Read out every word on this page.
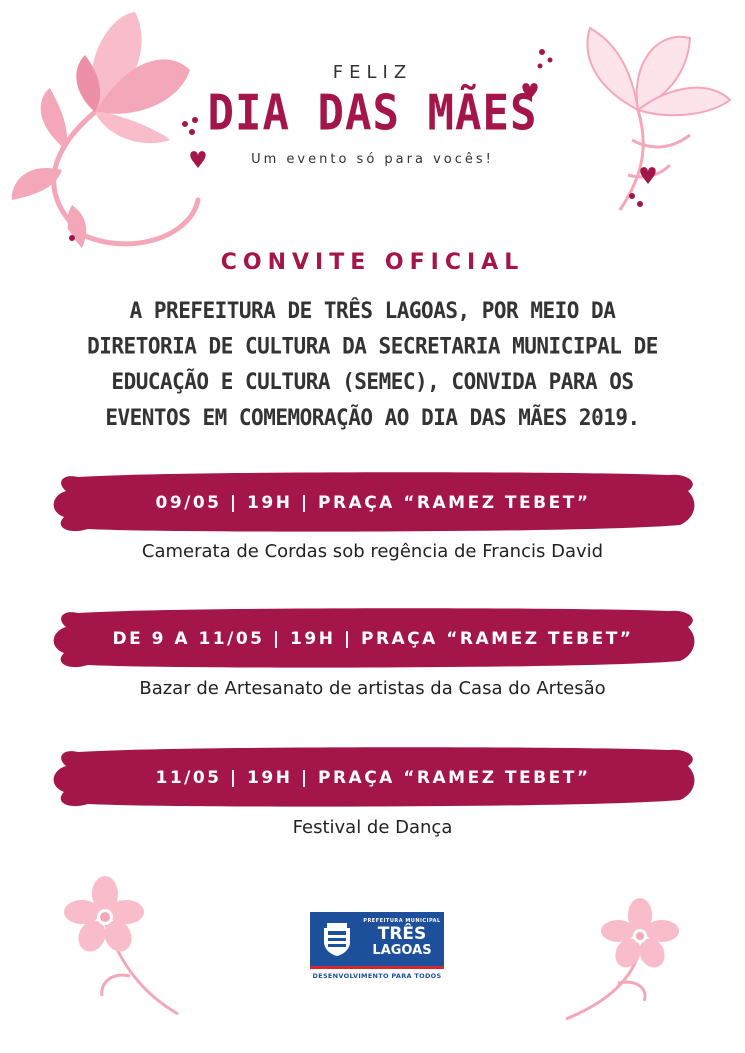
FELIZ
DIA DAS MÃES
Um evento só para vocês!
CONVITE OFICIAL
A PREFEITURA DE TRÊS LAGOAS, POR MEIO DA DIRETORIA DE CULTURA DA SECRETARIA MUNICIPAL DE EDUCAÇÃO E CULTURA (SEMEC), CONVIDA PARA OS EVENTOS EM COMEMORAÇÃO AO DIA DAS MÃES 2019.
09/05 | 19H | PRAÇA “RAMEZ TEBET”
Camerata de Cordas sob regência de Francis David
DE 9 A 11/05 | 19H | PRAÇA “RAMEZ TEBET”
Bazar de Artesanato de artistas da Casa do Artesão
11/05 | 19H | PRAÇA “RAMEZ TEBET”
Festival de Dança
PREFEITURA MUNICIPAL
TRÊS
LAGOAS
DESENVOLVIMENTO PARA TODOS
